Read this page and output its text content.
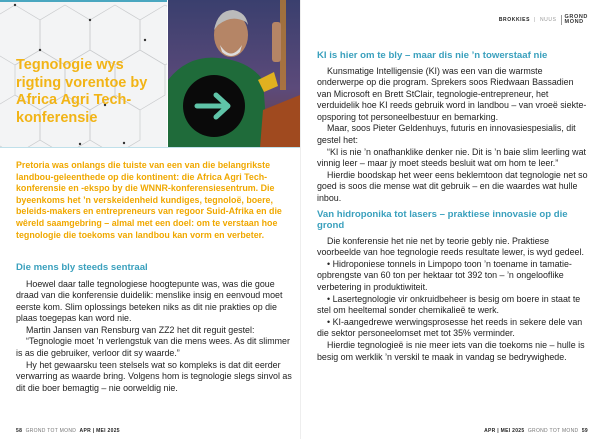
Tegnologie wys rigting vorentoe by Africa Agri Tech-konferensie

Pretoria was onlangs die tuiste van een van die belangrikste landbou-geleenthede op die kontinent: die Africa Agri Tech-konferensie en -ekspo by die WNNR-konferensiesentrum. Die byeenkoms het ’n verskeidenheid kundiges, tegnoloë, boere, beleids-makers en entrepreneurs van regoor Suid-Afrika en die wêreld saamgebring – almal met een doel: om te verstaan hoe tegnologie die toekoms van landbou kan vorm en verbeter.

Die mens bly steeds sentraal

Hoewel daar talle tegnologiese hoogtepunte was, was die goue draad van die konferensie duidelik: menslike insig en eenvoud moet eerste kom. Slim oplossings beteken niks as dit nie prakties op die plaas toegepas kan word nie.

Martin Jansen van Rensburg van ZZ2 het dit reguit gestel:

“Tegnologie moet ’n verlengstuk van die mens wees. As dit slimmer is as die gebruiker, verloor dit sy waarde.”

Hy het gewaarsku teen stelsels wat so kompleks is dat dit eerder verwarring as waarde bring. Volgens hom is tegnologie slegs sinvol as dit die boer bemagtig – nie oorweldig nie.

58 GROND TOT MOND APR | MEI 2025
BROKKIES | NUUS	GROND
MOND
KI is hier om te bly – maar dis nie ’n towerstaaf nie

Kunsmatige Intelligensie (KI) was een van die warmste onderwerpe op die program. Sprekers soos Riedwaan Bassadien van Microsoft en Brett StClair, tegnologie-entrepreneur, het verduidelik hoe KI reeds gebruik word in landbou – van vroeë siekte-opsporing tot personeelbestuur en bemarking.

Maar, soos Pieter Geldenhuys, futuris en innovasiespesialis, dit gestel het:

“KI is nie ’n onafhanklike denker nie. Dit is ’n baie slim leerling wat vinnig leer – maar jy moet steeds besluit wat om hom te leer.”

Hierdie boodskap het weer eens beklemtoon dat tegnologie net so goed is soos die mense wat dit gebruik – en die waardes wat hulle inbou.

Van hidroponika tot lasers – praktiese innovasie op die grond

Die konferensie het nie net by teorie gebly nie. Praktiese voorbeelde van hoe tegnologie reeds resultate lewer, is wyd gedeel.

• Hidroponiese tonnels in Limpopo toon ’n toename in tamatie-opbrengste van 60 ton per hektaar tot 392 ton – ’n ongelooflike verbetering in produktiwiteit.

• Lasertegnologie vir onkruidbeheer is besig om boere in staat te stel om heeltemal sonder chemikalieë te werk.

• KI-aangedrewe werwingsprosesse het reeds in sekere dele van die sektor personeelomset met tot 35% verminder.

Hierdie tegnologieë is nie meer iets van die toekoms nie – hulle is besig om werklik ’n verskil te maak in vandag se bedrywighede.

APR | MEI 2025 GROND TOT MOND 59
